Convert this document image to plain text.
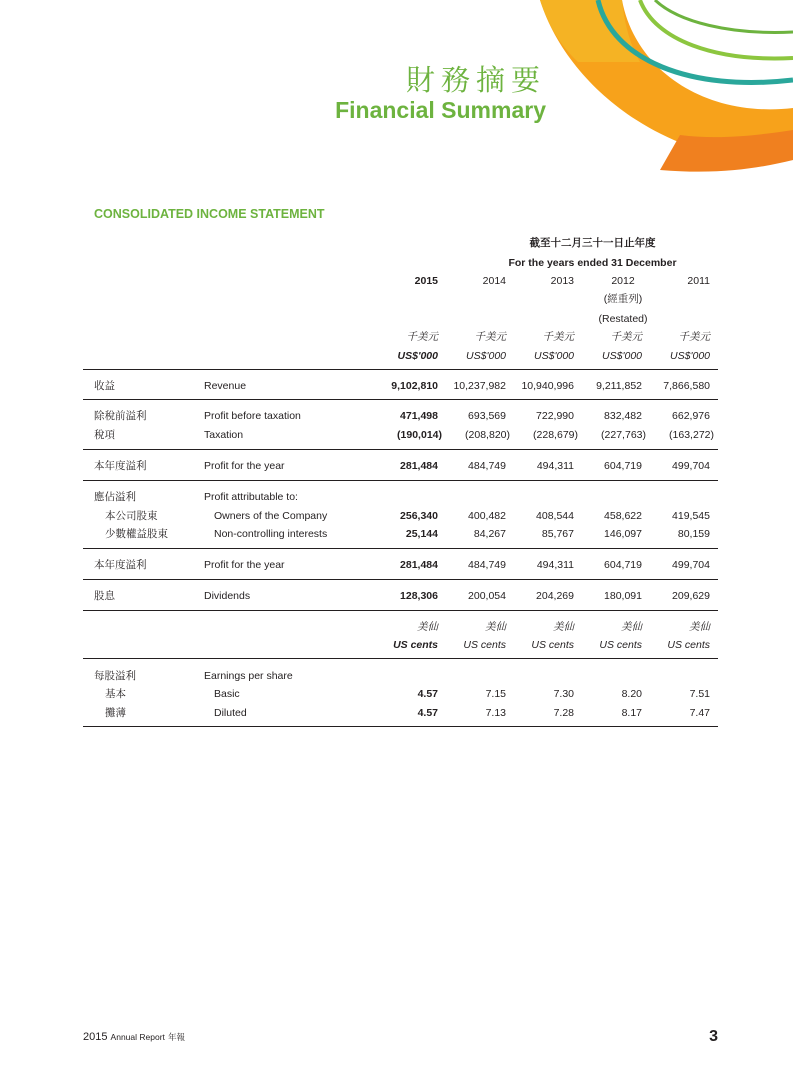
財務摘要
Financial Summary
CONSOLIDATED INCOME STATEMENT
截至十二月三十一日止年度
For the years ended 31 December
2015	2014	2013	2012	2011
(經重列)
(Restated)
千美元	千美元	千美元	千美元	千美元
US$'000	US$'000	US$'000	US$'000	US$'000
收益	Revenue	9,102,810	10,237,982	10,940,996	9,211,852	7,866,580
除稅前溢利	Profit before taxation	471,498	693,569	722,990	832,482	662,976
稅項	Taxation	(190,014)	(208,820)	(228,679)	(227,763)	(163,272)
本年度溢利	Profit for the year	281,484	484,749	494,311	604,719	499,704
應佔溢利	Profit attributable to:
本公司股東	Owners of the Company	256,340	400,482	408,544	458,622	419,545
少數權益股東	Non-controlling interests	25,144	84,267	85,767	146,097	80,159
本年度溢利	Profit for the year	281,484	484,749	494,311	604,719	499,704
股息	Dividends	128,306	200,054	204,269	180,091	209,629
美仙	美仙	美仙	美仙	美仙
US cents	US cents	US cents	US cents	US cents
每股溢利	Earnings per share
基本	Basic	4.57	7.15	7.30	8.20	7.51
攤薄	Diluted	4.57	7.13	7.28	8.17	7.47
2015 Annual Report 年報	3
